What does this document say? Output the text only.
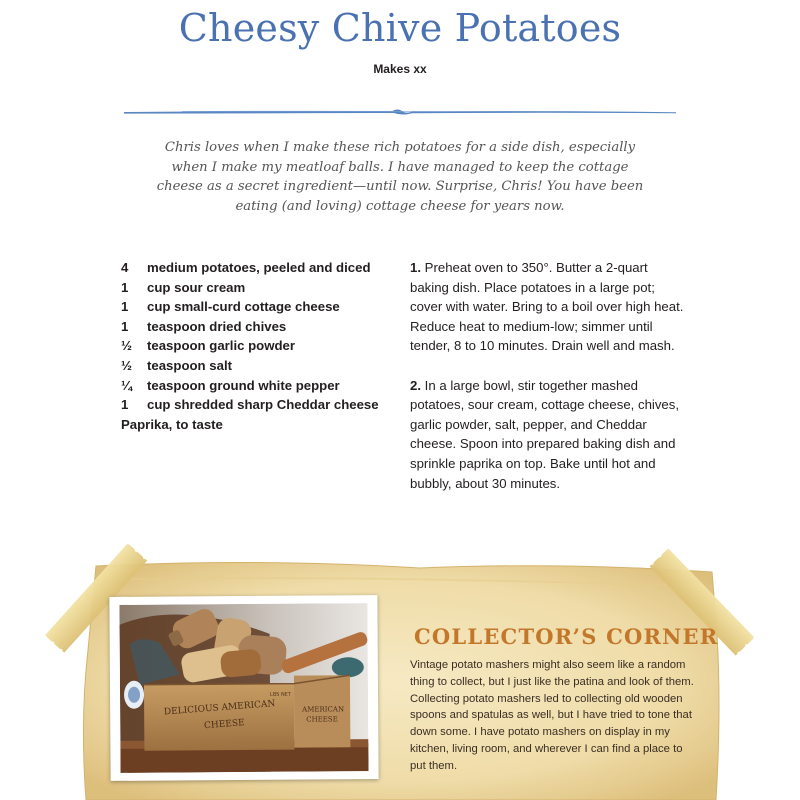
Cheesy Chive Potatoes
Makes xx

Chris loves when I make these rich potatoes for a side dish, especially when I make my meatloaf balls. I have managed to keep the cottage cheese as a secret ingredient—until now. Surprise, Chris! You have been eating (and loving) cottage cheese for years now.

4 medium potatoes, peeled and diced
1 cup sour cream
1 cup small-curd cottage cheese
1 teaspoon dried chives
½ teaspoon garlic powder
½ teaspoon salt
¼ teaspoon ground white pepper
1 cup shredded sharp Cheddar cheese
Paprika, to taste

1. Preheat oven to 350°. Butter a 2-quart baking dish. Place potatoes in a large pot; cover with water. Bring to a boil over high heat. Reduce heat to medium-low; simmer until tender, 8 to 10 minutes. Drain well and mash.

2. In a large bowl, stir together mashed potatoes, sour cream, cottage cheese, chives, garlic powder, salt, pepper, and Cheddar cheese. Spoon into prepared baking dish and sprinkle paprika on top. Bake until hot and bubbly, about 30 minutes.

DELICIOUS AMERICAN
CHEESE
AMERICAN
CHEESE
LBS NET
COLLECTOR’S CORNER

Vintage potato mashers might also seem like a random thing to collect, but I just like the patina and look of them. Collecting potato mashers led to collecting old wooden spoons and spatulas as well, but I have tried to tone that down some. I have potato mashers on display in my kitchen, living room, and wherever I can find a place to put them.
